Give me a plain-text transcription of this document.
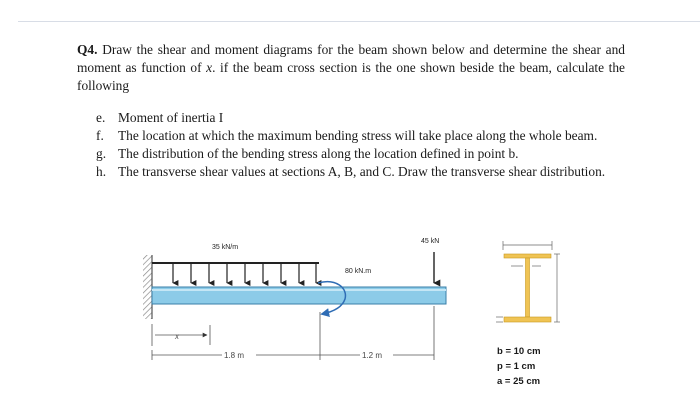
Q4. Draw the shear and moment diagrams for the beam shown below and determine the shear and moment as function of x. if the beam cross section is the one shown beside the beam, calculate the following
e. Moment of inertia I
f.	The location at which the maximum bending stress will take place along the whole beam.
g. The distribution of the bending stress along the location defined in point b.
h. The transverse shear values at sections A, B, and C. Draw the transverse shear distribution.
35 kN/m
80 kN.m
45 kN
x
1.8 m	1.2 m	b = 10 cm
p = 1 cm
a = 25 cm
